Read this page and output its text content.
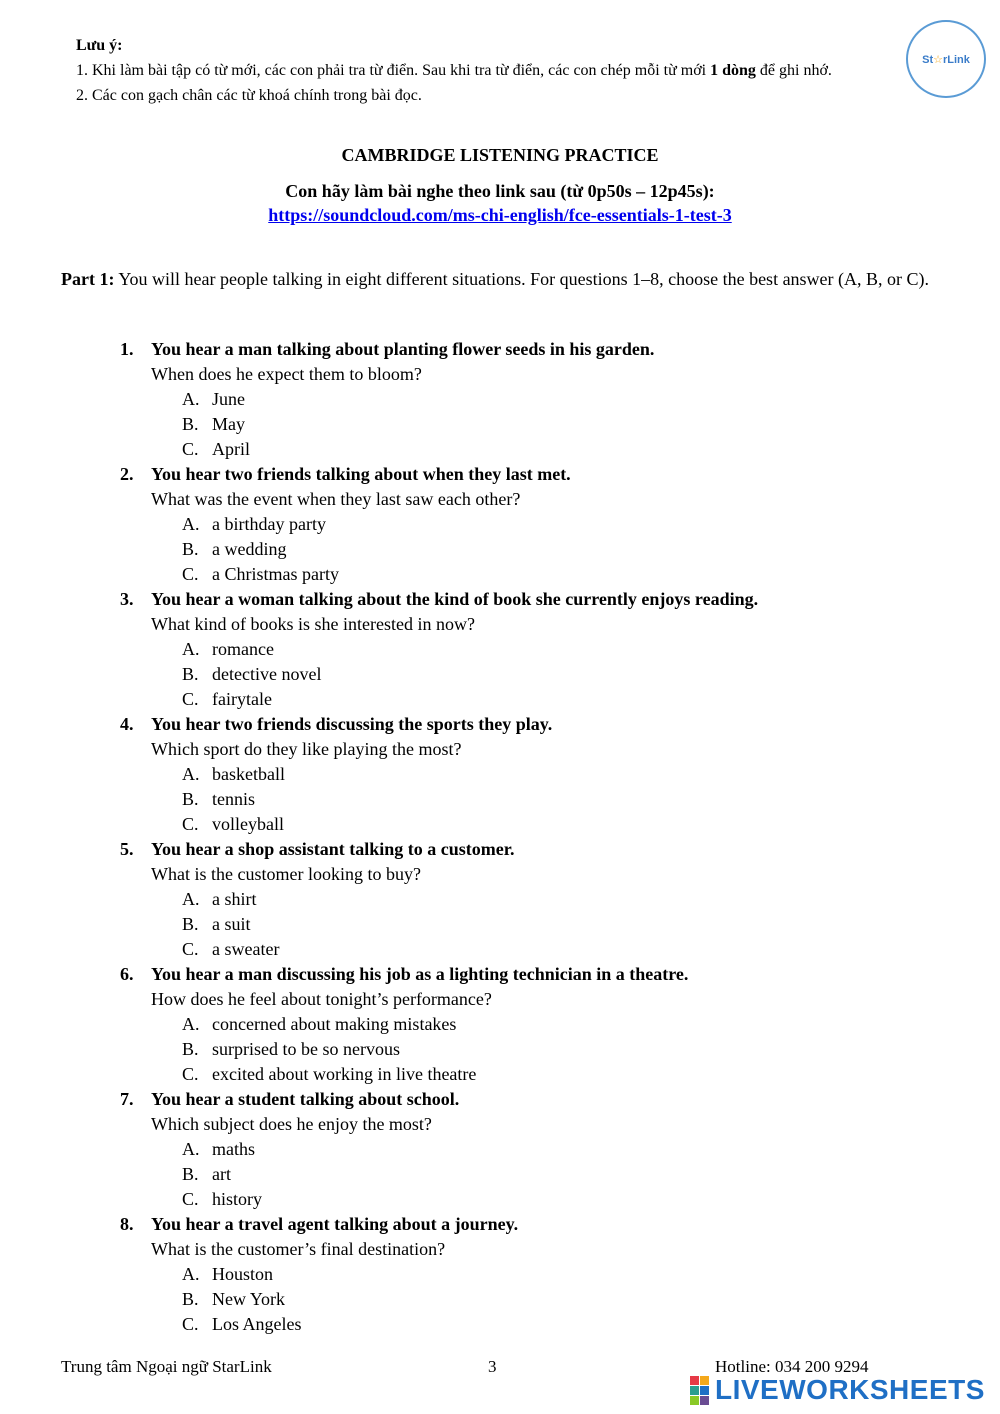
Lưu ý:
1. Khi làm bài tập có từ mới, các con phải tra từ điển. Sau khi tra từ điển, các con chép mỗi từ mới 1 dòng để ghi nhớ.
2. Các con gạch chân các từ khoá chính trong bài đọc.
St☆rLink
CAMBRIDGE LISTENING PRACTICE
Con hãy làm bài nghe theo link sau (từ 0p50s – 12p45s):
https://soundcloud.com/ms-chi-english/fce-essentials-1-test-3
Part 1: You will hear people talking in eight different situations. For questions 1–8, choose the best answer (A, B, or C).
1. You hear a man talking about planting flower seeds in his garden.
When does he expect them to bloom?
A. June
B. May
C. April
2. You hear two friends talking about when they last met.
What was the event when they last saw each other?
A. a birthday party
B. a wedding
C. a Christmas party
3. You hear a woman talking about the kind of book she currently enjoys reading.
What kind of books is she interested in now?
A. romance
B. detective novel
C. fairytale
4. You hear two friends discussing the sports they play.
Which sport do they like playing the most?
A. basketball
B. tennis
C. volleyball
5. You hear a shop assistant talking to a customer.
What is the customer looking to buy?
A. a shirt
B. a suit
C. a sweater
6. You hear a man discussing his job as a lighting technician in a theatre.
How does he feel about tonight’s performance?
A. concerned about making mistakes
B. surprised to be so nervous
C. excited about working in live theatre
7. You hear a student talking about school.
Which subject does he enjoy the most?
A. maths
B. art
C. history
8. You hear a travel agent talking about a journey.
What is the customer’s final destination?
A. Houston
B. New York
C. Los Angeles
Trung tâm Ngoại ngữ StarLink	3	Hotline: 034 200 9294
LIVEWORKSHEETS
